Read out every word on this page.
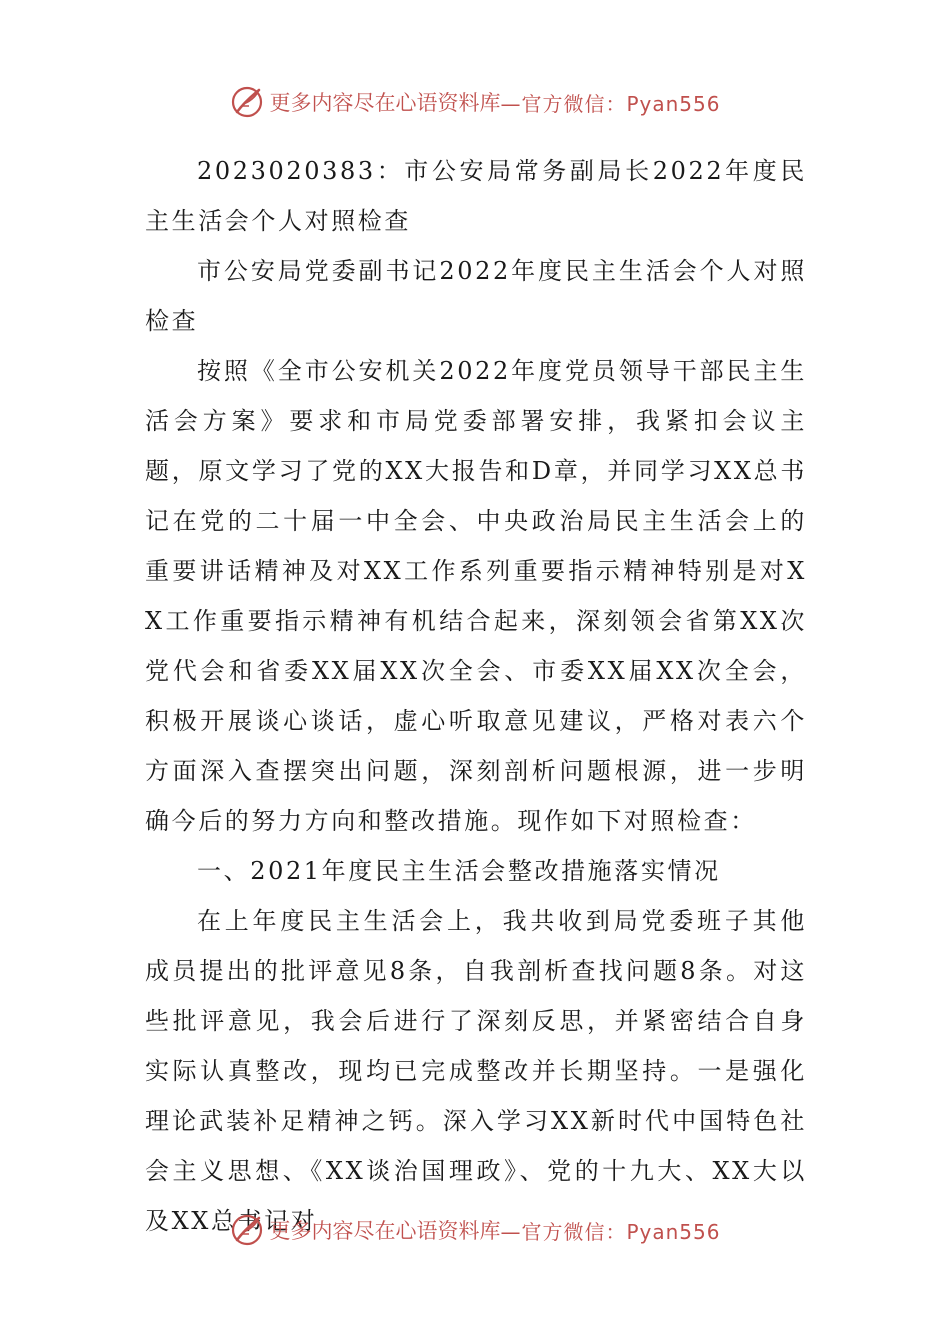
更多内容尽在心语资料库 —官方微信：Pyan556

2023020383：市公安局常务副局长2022年度民主生活会个人对照检查

市公安局党委副书记2022年度民主生活会个人对照检查

按照《全市公安机关2022年度党员领导干部民主生活会方案》要求和市局党委部署安排，我紧扣会议主题，原文学习了党的XX大报告和D章，并同学习XX总书记在党的二十届一中全会、中央政治局民主生活会上的重要讲话精神及对XX工作系列重要指示精神特别是对XX工作重要指示精神有机结合起来，深刻领会省第XX次党代会和省委XX届XX次全会、市委XX届XX次全会，积极开展谈心谈话，虚心听取意见建议，严格对表六个方面深入查摆突出问题，深刻剖析问题根源，进一步明确今后的努力方向和整改措施。现作如下对照检查：

一、2021年度民主生活会整改措施落实情况

在上年度民主生活会上，我共收到局党委班子其他成员提出的批评意见8条，自我剖析查找问题8条。对这些批评意见，我会后进行了深刻反思，并紧密结合自身实际认真整改，现均已完成整改并长期坚持。一是强化理论武装补足精神之钙。深入学习XX新时代中国特色社会主义思想、《XX谈治国理政》、党的十九大、XX大以及XX总书记对

更多内容尽在心语资料库 —官方微信：Pyan556
